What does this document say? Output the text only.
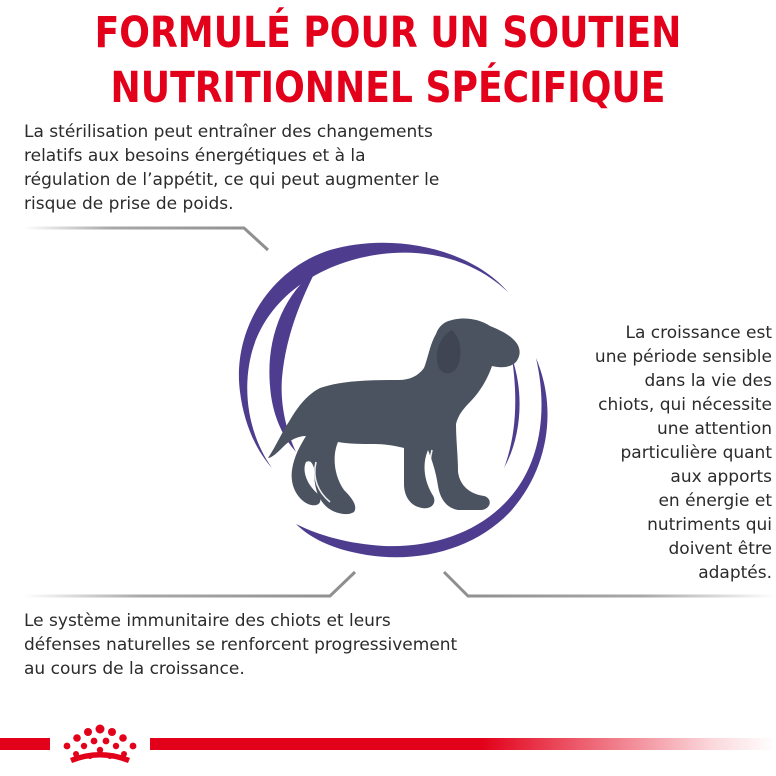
FORMULÉ POUR UN SOUTIEN
NUTRITIONNEL SPÉCIFIQUE
La stérilisation peut entraîner des changements
relatifs aux besoins énergétiques et à la
régulation de l’appétit, ce qui peut augmenter le
risque de prise de poids.
La croissance est
une période sensible
dans la vie des
chiots, qui nécessite
une attention
particulière quant
aux apports
en énergie et
nutriments qui
doivent être
adaptés.
Le système immunitaire des chiots et leurs
défenses naturelles se renforcent progressivement
au cours de la croissance.
